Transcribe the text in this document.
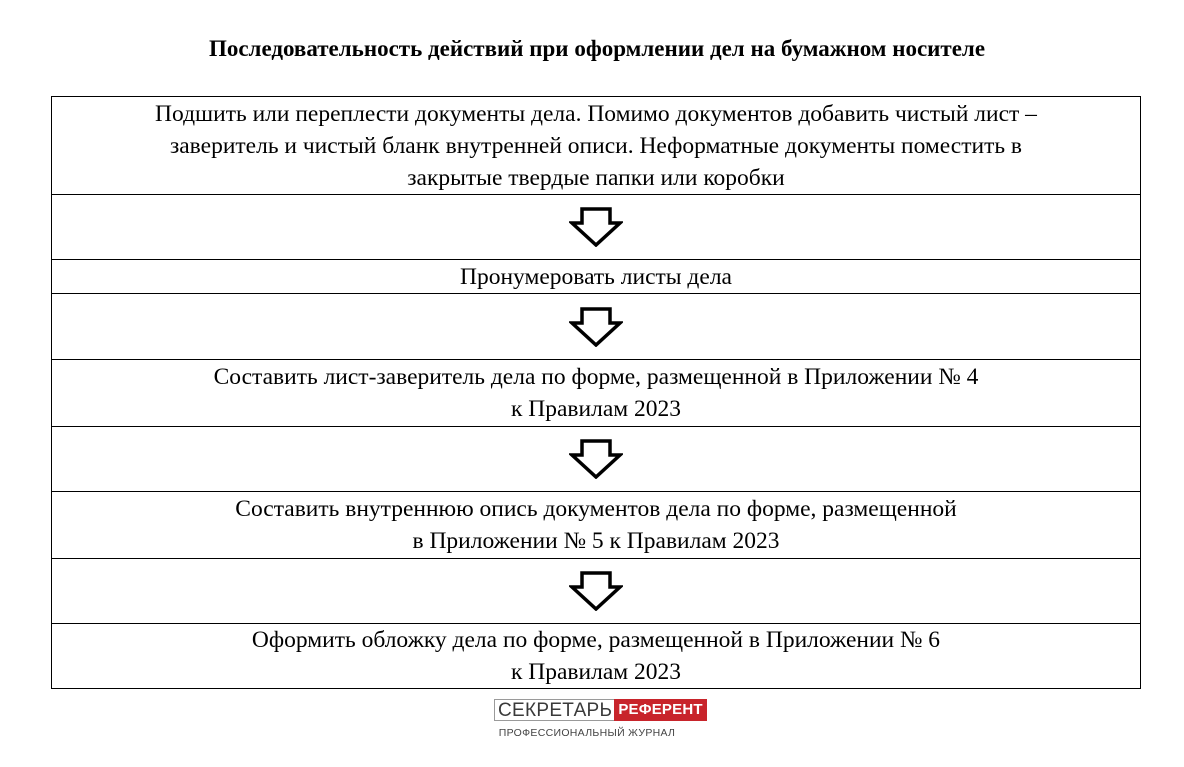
Последовательность действий при оформлении дел на бумажном носителе
Подшить или переплести документы дела. Помимо документов добавить чистый лист –
заверитель и чистый бланк внутренней описи. Неформатные документы поместить в
закрытые твердые папки или коробки

Пронумеровать листы дела

Составить лист-заверитель дела по форме, размещенной в Приложении № 4
к Правилам 2023

Составить внутреннюю опись документов дела по форме, размещенной
в Приложении № 5 к Правилам 2023

Оформить обложку дела по форме, размещенной в Приложении № 6
к Правилам 2023
СЕКРЕТАРЬ РЕФЕРЕНТ
ПРОФЕССИОНАЛЬНЫЙ ЖУРНАЛ
